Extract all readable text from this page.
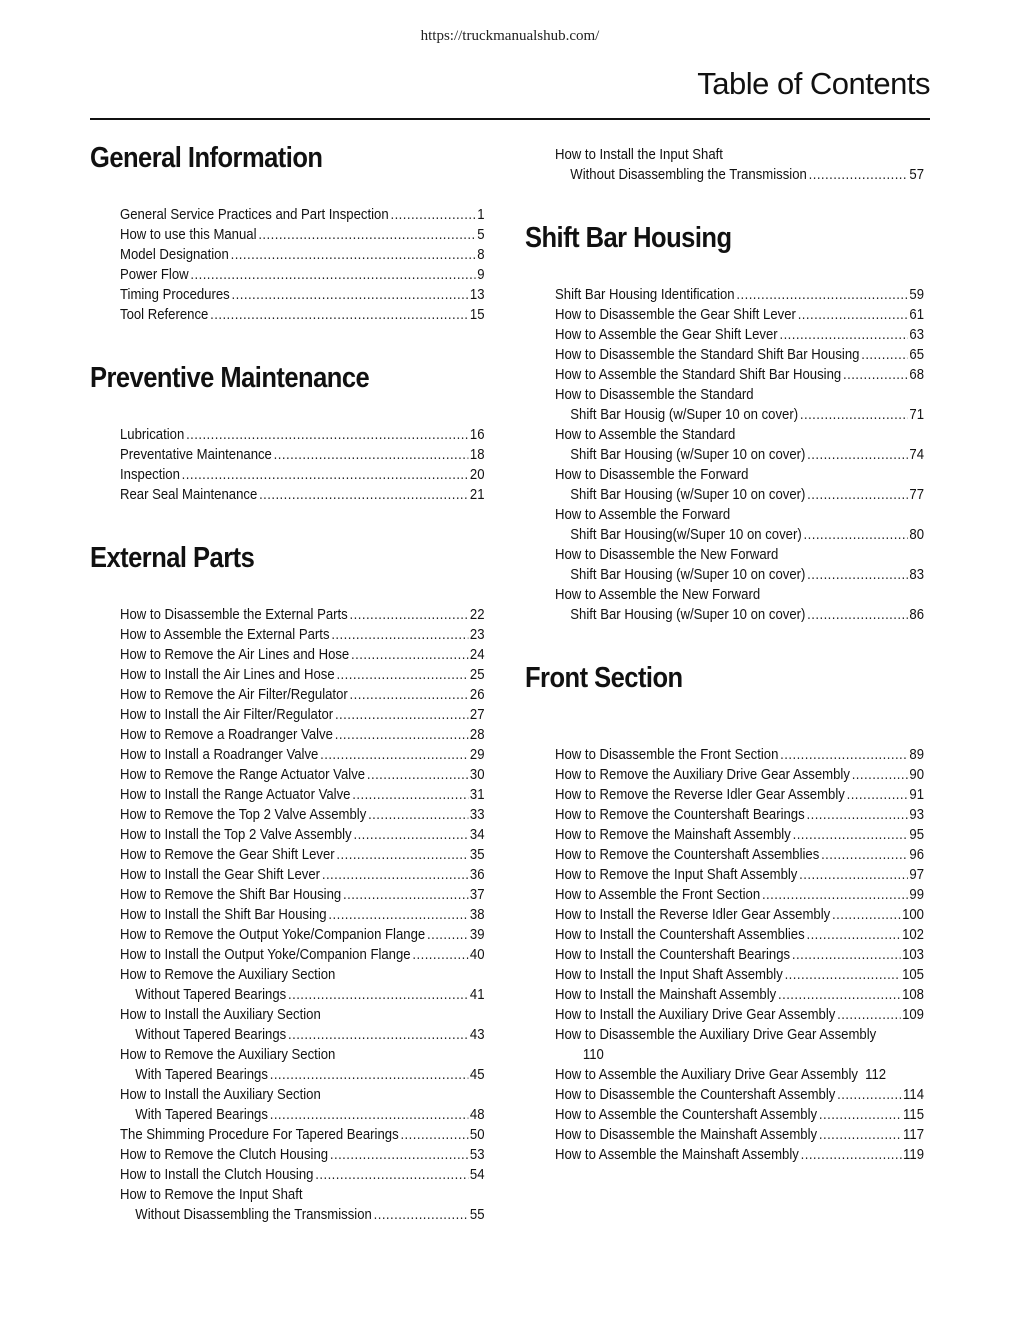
https://truckmanualshub.com/
Table of Contents
General Information
General Service Practices and Part Inspection .....	1
How to use this Manual .....	5
Model Designation .....	8
Power Flow .....	9
Timing Procedures .....	13
Tool Reference .....	15
Preventive Maintenance
Lubrication .....	16
Preventative Maintenance .....	18
Inspection .....	20
Rear Seal Maintenance .....	21
External Parts
How to Disassemble the External Parts .....	22
How to Assemble the External Parts .....	23
How to Remove the Air Lines and Hose .....	24
How to Install the Air Lines and Hose .....	25
How to Remove the Air Filter/Regulator .....	26
How to Install the Air Filter/Regulator .....	27
How to Remove a Roadranger Valve .....	28
How to Install a Roadranger Valve .....	29
How to Remove the Range Actuator Valve .....	30
How to Install the Range Actuator Valve .....	31
How to Remove the Top 2 Valve Assembly .....	33
How to Install the Top 2 Valve Assembly .....	34
How to Remove the Gear Shift Lever .....	35
How to Install the Gear Shift Lever .....	36
How to Remove the Shift Bar Housing .....	37
How to Install the Shift Bar Housing .....	38
How to Remove the Output Yoke/Companion Flange .....	39
How to Install the Output Yoke/Companion Flange .....	40
How to Remove the Auxiliary Section
Without Tapered Bearings .....	41
How to Install the Auxiliary Section
Without Tapered Bearings .....	43
How to Remove the Auxiliary Section
With Tapered Bearings .....	45
How to Install the Auxiliary Section
With Tapered Bearings .....	48
The Shimming Procedure For Tapered Bearings .....	50
How to Remove the Clutch Housing .....	53
How to Install the Clutch Housing .....	54
How to Remove the Input Shaft
Without Disassembling the Transmission .....	55
How to Install the Input Shaft
Without Disassembling the Transmission .....	57
Shift Bar Housing
Shift Bar Housing Identification .....	59
How to Disassemble the Gear Shift Lever .....	61
How to Assemble the Gear Shift Lever .....	63
How to Disassemble the Standard Shift Bar Housing .....	65
How to Assemble the Standard Shift Bar Housing .....	68
How to Disassemble the Standard
Shift Bar Housig (w/Super 10 on cover) .....	71
How to Assemble the Standard
Shift Bar Housing (w/Super 10 on cover) .....	74
How to Disassemble the Forward
Shift Bar Housing (w/Super 10 on cover) .....	77
How to Assemble the Forward
Shift Bar Housing(w/Super 10 on cover) .....	80
How to Disassemble the New Forward
Shift Bar Housing (w/Super 10 on cover) .....	83
How to Assemble the New Forward
Shift Bar Housing (w/Super 10 on cover) .....	86
Front Section
How to Disassemble the Front Section .....	89
How to Remove the Auxiliary Drive Gear Assembly .....	90
How to Remove the Reverse Idler Gear Assembly .....	91
How to Remove the Countershaft Bearings .....	93
How to Remove the Mainshaft Assembly .....	95
How to Remove the Countershaft Assemblies .....	96
How to Remove the Input Shaft Assembly .....	97
How to Assemble the Front Section .....	99
How to Install the Reverse Idler Gear Assembly .....	100
How to Install the Countershaft Assemblies .....	102
How to Install the Countershaft Bearings .....	103
How to Install the Input Shaft Assembly .....	105
How to Install the Mainshaft Assembly .....	108
How to Install the Auxiliary Drive Gear Assembly .....	109
How to Disassemble the Auxiliary Drive Gear Assembly
110
How to Assemble the Auxiliary Drive Gear Assembly 112
How to Disassemble the Countershaft Assembly .....	114
How to Assemble the Countershaft Assembly .....	115
How to Disassemble the Mainshaft Assembly .....	117
How to Assemble the Mainshaft Assembly .....	119
